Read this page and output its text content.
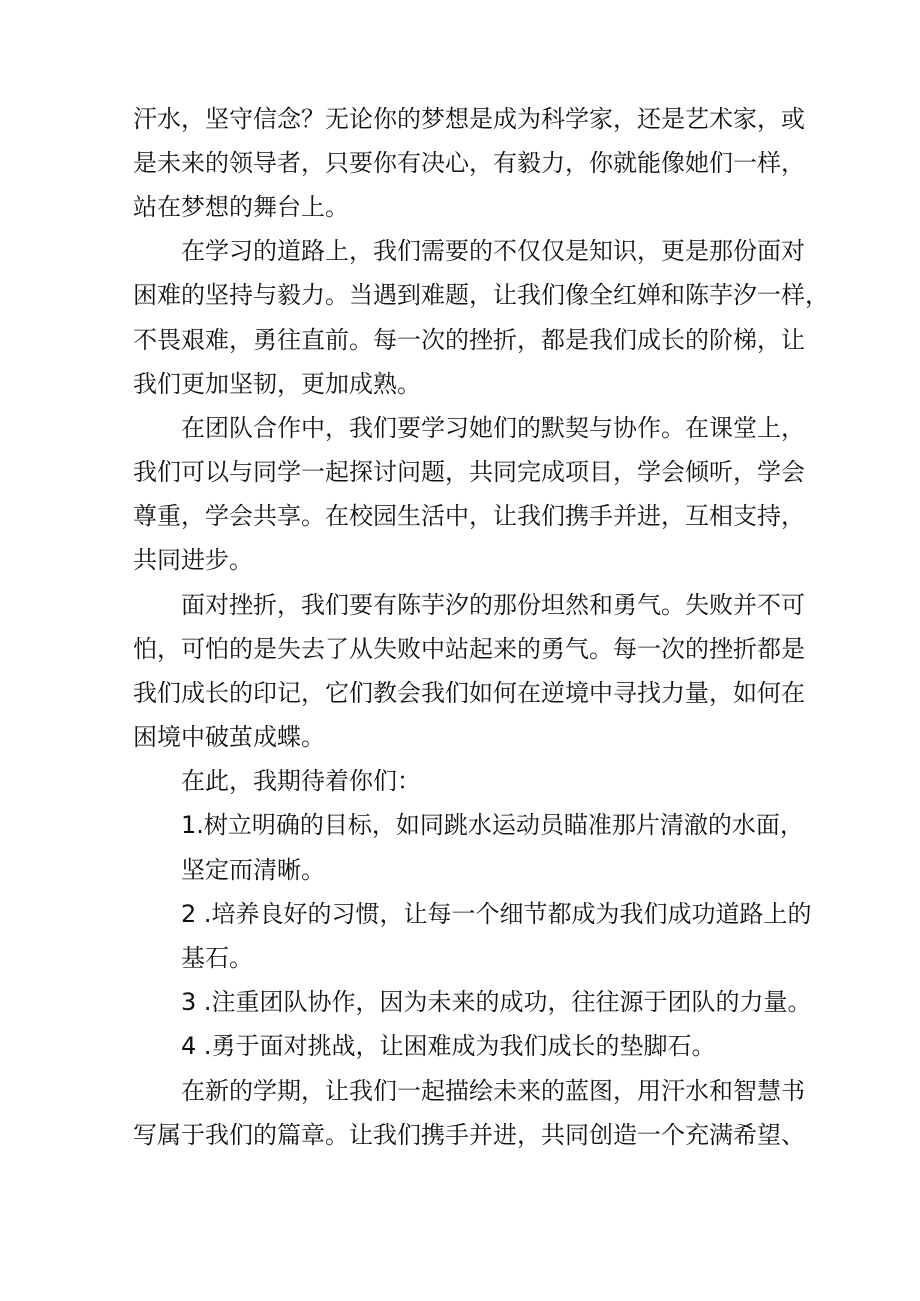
汗水，坚守信念？无论你的梦想是成为科学家，还是艺术家，或
是未来的领导者，只要你有决心，有毅力，你就能像她们一样，
站在梦想的舞台上。
在学习的道路上，我们需要的不仅仅是知识，更是那份面对
困难的坚持与毅力。当遇到难题，让我们像全红婵和陈芋汐一样，
不畏艰难，勇往直前。每一次的挫折，都是我们成长的阶梯，让
我们更加坚韧，更加成熟。
在团队合作中，我们要学习她们的默契与协作。在课堂上，
我们可以与同学一起探讨问题，共同完成项目，学会倾听，学会
尊重，学会共享。在校园生活中，让我们携手并进，互相支持，
共同进步。
面对挫折，我们要有陈芋汐的那份坦然和勇气。失败并不可
怕，可怕的是失去了从失败中站起来的勇气。每一次的挫折都是
我们成长的印记，它们教会我们如何在逆境中寻找力量，如何在
困境中破茧成蝶。
在此，我期待着你们：
1.树立明确的目标，如同跳水运动员瞄准那片清澈的水面，
坚定而清晰。
2 .培养良好的习惯，让每一个细节都成为我们成功道路上的
基石。
3 .注重团队协作，因为未来的成功，往往源于团队的力量。
4 .勇于面对挑战，让困难成为我们成长的垫脚石。
在新的学期，让我们一起描绘未来的蓝图，用汗水和智慧书
写属于我们的篇章。让我们携手并进，共同创造一个充满希望、
